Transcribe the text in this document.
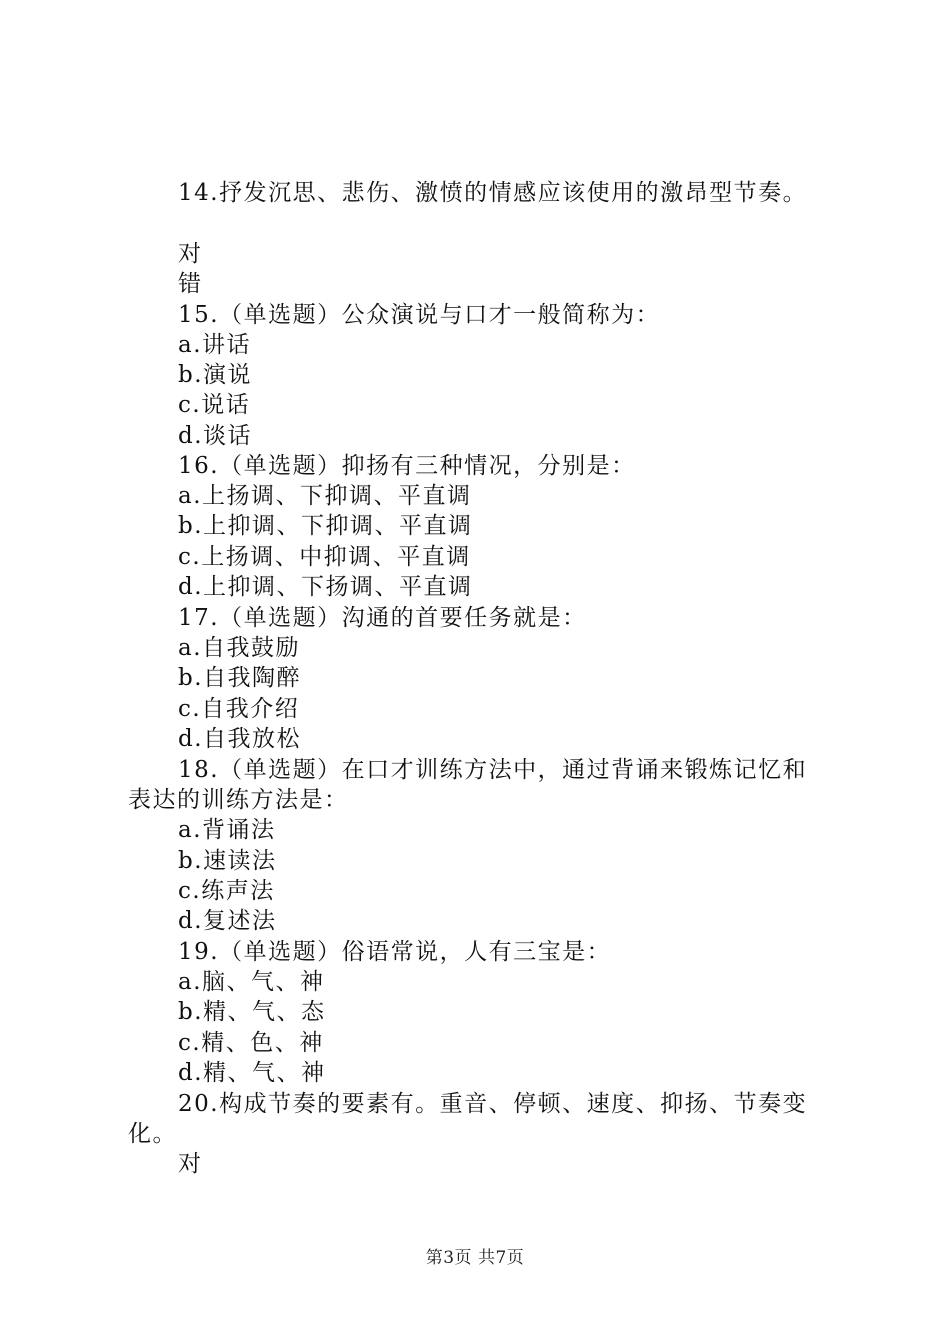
14.抒发沉思、悲伤、激愤的情感应该使用的激昂型节奏。
对
错
15.（单选题）公众演说与口才一般简称为：
a.讲话
b.演说
c.说话
d.谈话
16.（单选题）抑扬有三种情况，分别是：
a.上扬调、下抑调、平直调
b.上抑调、下抑调、平直调
c.上扬调、中抑调、平直调
d.上抑调、下扬调、平直调
17.（单选题）沟通的首要任务就是：
a.自我鼓励
b.自我陶醉
c.自我介绍
d.自我放松
18.（单选题）在口才训练方法中，通过背诵来锻炼记忆和
表达的训练方法是：
a.背诵法
b.速读法
c.练声法
d.复述法
19.（单选题）俗语常说，人有三宝是：
a.脑、气、神
b.精、气、态
c.精、色、神
d.精、气、神
20.构成节奏的要素有。重音、停顿、速度、抑扬、节奏变
化。
对
第3页 共7页
